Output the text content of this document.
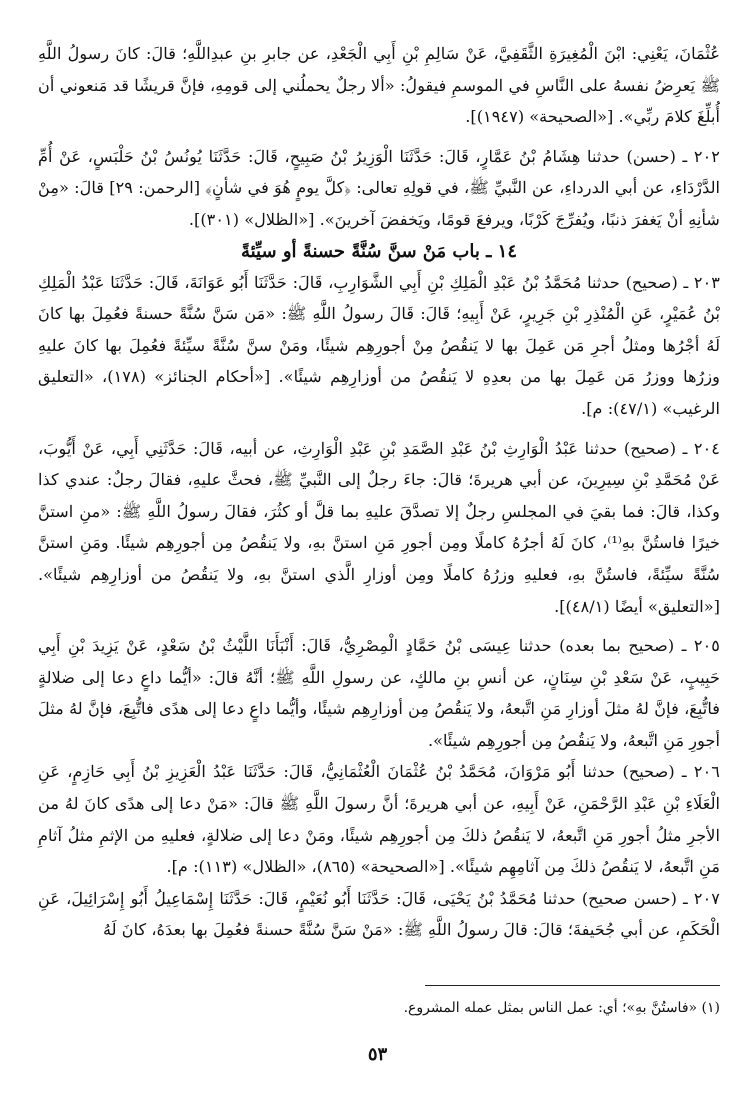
عُثْمَانَ، يَعْنِي: ابْنَ الْمُغِيرَةِ الثَّقَفِيَّ، عَنْ سَالِمِ بْنِ أَبِي الْجَعْدِ، عن جابرِ بنِ عبدِاللَّهِ؛ قالَ: كانَ رسولُ اللَّهِ ﷺ يَعرِضُ نفسهُ على النَّاسِ في الموسمِ فيقولُ: «ألا رجلٌ يحملُني إلى قومِهِ، فإنَّ قريشًا قد مَنعوني أن أُبلِّغَ كلامَ ربِّي». [«الصحيحة» (١٩٤٧)].

٢٠٢ ـ (حسن) حدثنا هِشَامُ بْنُ عَمَّارٍ، قَالَ: حَدَّثَنَا الْوَزِيرُ بْنُ صَبِيحٍ، قَالَ: حَدَّثَنَا يُونُسُ بْنُ حَلْبَسٍ، عَنْ أُمِّ الدَّرْدَاءِ، عن أبي الدرداءِ، عن النَّبيِّ ﷺ، في قولِهِ تعالى: ﴿كلَّ يومٍ هُوَ في شأنٍ﴾ [الرحمن: ٢٩] قالَ: «مِنْ شأنِهِ أنْ يَغفرَ ذنبًا، ويُفرِّجَ كَرْبًا، ويرفعَ قومًا، ويَخفضَ آخرينَ». [«الظلال» (٣٠١)].

١٤ ـ باب مَنْ سنَّ سُنَّةً حسنةً أو سيِّئةً

٢٠٣ ـ (صحيح) حدثنا مُحَمَّدُ بْنُ عَبْدِ الْمَلِكِ بْنِ أَبِي الشَّوَارِبِ، قَالَ: حَدَّثَنَا أَبُو عَوَانَةَ، قَالَ: حَدَّثَنَا عَبْدُ الْمَلِكِ بْنُ عُمَيْرٍ، عَنِ الْمُنْذِرِ بْنِ جَرِيرٍ، عَنْ أَبِيهِ؛ قَالَ: قَالَ رسولُ اللَّهِ ﷺ: «مَن سَنَّ سُنَّةً حسنةً فعُمِلَ بها كانَ لَهُ أجْرُها ومثلُ أجرِ مَن عَمِلَ بها لا يَنقُصُ مِنْ أجورِهِم شيئًا، ومَنْ سنَّ سُنَّةً سيِّئةً فعُمِلَ بها كانَ عليهِ وزرُها ووزرُ مَن عَمِلَ بها من بعدِهِ لا يَنقُصُ من أوزارِهِم شيئًا». [«أحكام الجنائز» (١٧٨)، «التعليق الرغيب» (٤٧/١): م].

٢٠٤ ـ (صحيح) حدثنا عَبْدُ الْوَارِثِ بْنُ عَبْدِ الصَّمَدِ بْنِ عَبْدِ الْوَارِثِ، عن أبيه، قَالَ: حَدَّثَنِي أَبِي، عَنْ أَيُّوبَ، عَنْ مُحَمَّدِ بْنِ سِيرِينَ، عن أبي هريرةَ؛ قالَ: جاءَ رجلٌ إلى النَّبيِّ ﷺ، فحثَّ عليهِ، فقالَ رجلٌ: عندي كذا وكذا، قالَ: فما بقيَ في المجلسِ رجلٌ إلا تصدَّقَ عليهِ بما قلَّ أو كثُرَ، فقالَ رسولُ اللَّهِ ﷺ: «منِ استنَّ خيرًا فاستُنَّ بهِ⁽¹⁾، كانَ لَهُ أجرُهُ كاملًا ومِن أجورِ مَنِ استنَّ بهِ، ولا يَنقُصُ مِن أجورِهِم شيئًا. ومَنِ استنَّ سُنَّةً سيِّئةً، فاستُنَّ بهِ، فعليهِ وزرُهُ كاملًا ومِن أوزارِ الَّذي استنَّ بهِ، ولا يَنقُصُ من أوزارِهِم شيئًا». [«التعليق» أيضًا (٤٨/١)].

٢٠٥ ـ (صحيح بما بعده) حدثنا عِيسَى بْنُ حَمَّادٍ الْمِصْرِيُّ، قَالَ: أَنْبَأَنَا اللَّيْثُ بْنُ سَعْدٍ، عَنْ يَزِيدَ بْنِ أَبِي حَبِيبٍ، عَنْ سَعْدِ بْنِ سِنَانٍ، عن أنسِ بنِ مالكٍ، عن رسولِ اللَّهِ ﷺ؛ أنَّهُ قالَ: «أيُّما داعٍ دعا إلى ضلالةٍ فاتُّبِعَ، فإنَّ لهُ مثلَ أوزارِ مَنِ اتَّبعهُ، ولا يَنقُصُ مِن أوزارِهِم شيئًا، وأيُّما داعٍ دعا إلى هدًى فاتُّبِعَ، فإنَّ لهُ مثلَ أجورِ مَنِ اتَّبعهُ، ولا يَنقُصُ مِن أجورِهِم شيئًا».

٢٠٦ ـ (صحيح) حدثنا أَبُو مَرْوَانَ، مُحَمَّدُ بْنُ عُثْمَانَ الْعُثْمَانِيُّ، قَالَ: حَدَّثَنَا عَبْدُ الْعَزِيزِ بْنُ أَبِي حَازِمٍ، عَنِ الْعَلَاءِ بْنِ عَبْدِ الرَّحْمَنِ، عَنْ أَبِيهِ، عن أبي هريرةَ؛ أنَّ رسولَ اللَّهِ ﷺ قالَ: «مَنْ دعا إلى هدًى كانَ لهُ من الأجرِ مثلُ أجورِ مَنِ اتَّبعهُ، لا يَنقُصُ ذلكَ مِن أجورِهِم شيئًا، ومَنْ دعا إلى ضلالةٍ، فعليهِ من الإثمِ مثلُ آثامِ مَنِ اتَّبعهُ، لا يَنقُصُ ذلكَ مِن آثامِهِم شيئًا». [«الصحيحة» (٨٦٥)، «الظلال» (١١٣): م].

٢٠٧ ـ (حسن صحيح) حدثنا مُحَمَّدُ بْنُ يَحْيَى، قَالَ: حَدَّثَنَا أَبُو نُعَيْمٍ، قَالَ: حَدَّثَنَا إِسْمَاعِيلُ أَبُو إِسْرَائِيلَ، عَنِ الْحَكَمِ، عن أبي جُحَيفةَ؛ قالَ: قالَ رسولُ اللَّهِ ﷺ: «مَنْ سَنَّ سُنَّةً حسنةً فعُمِلَ بها بعدَهُ، كانَ لَهُ

(١) «فاستُنَّ بهِ»؛ أي: عمل الناس بمثل عمله المشروع.
٥٣
